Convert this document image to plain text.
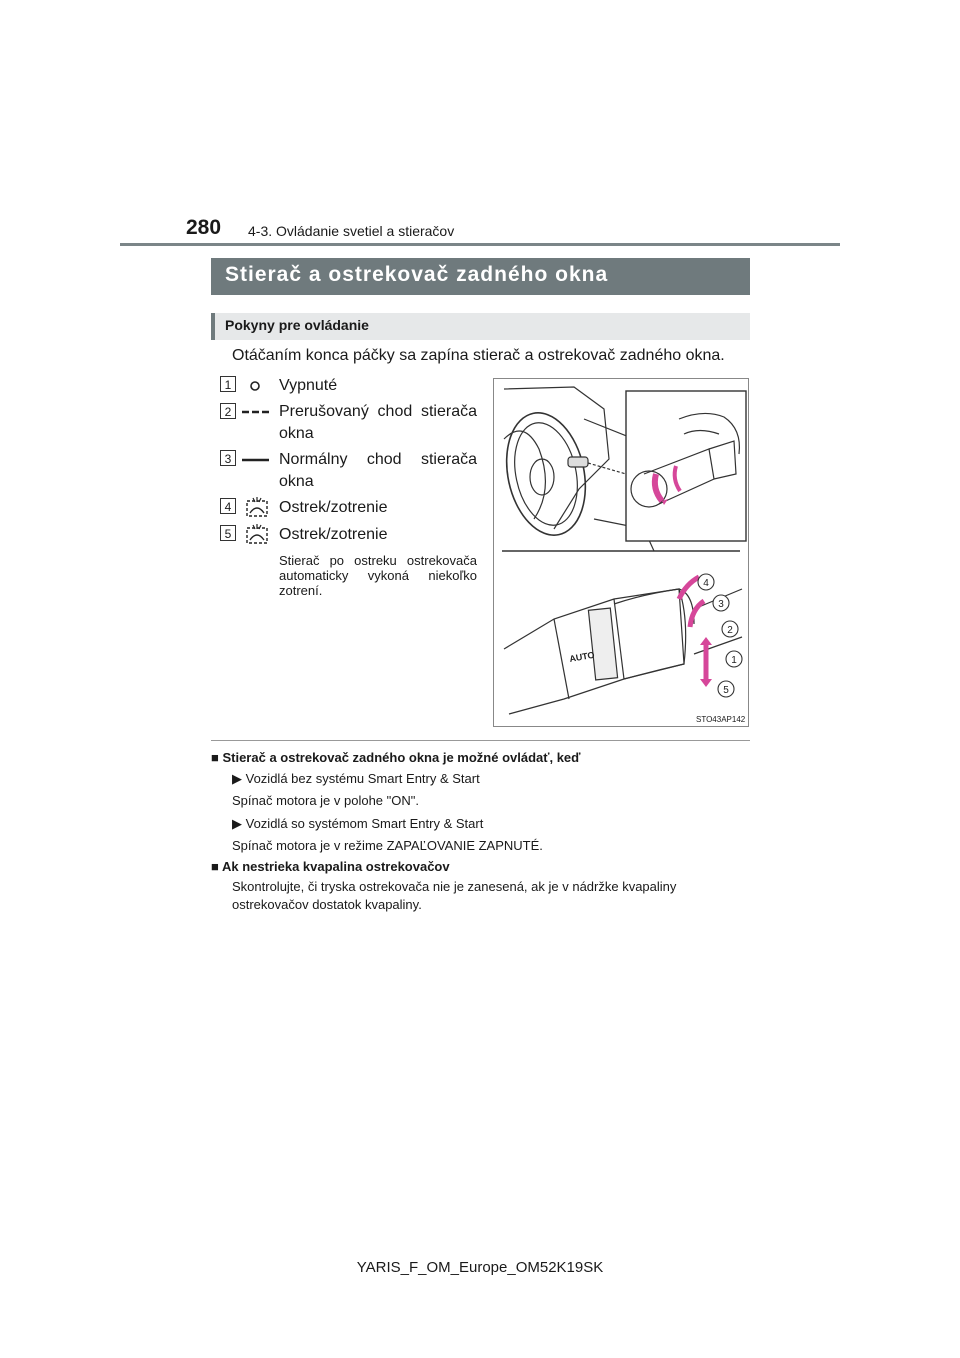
280 4-3. Ovládanie svetiel a stieračov
Stierač a ostrekovač zadného okna
Pokyny pre ovládanie
Otáčaním konca páčky sa zapína stierač a ostrekovač zadného okna.
1	Vypnuté
2	Prerušovaný chod stierača okna
3	Normálny chod stierača okna
4	Ostrek/zotrenie
5	Ostrek/zotrenie
Stierač po ostreku ostrekovača automaticky vykoná niekoľko zotrení.
AUTO
4
3
2
1
5
STO43AP142
■ Stierač a ostrekovač zadného okna je možné ovládať, keď
▶ Vozidlá bez systému Smart Entry & Start
Spínač motora je v polohe "ON".
▶ Vozidlá so systémom Smart Entry & Start
Spínač motora je v režime ZAPAĽOVANIE ZAPNUTÉ.
■ Ak nestrieka kvapalina ostrekovačov
Skontrolujte, či tryska ostrekovača nie je zanesená, ak je v nádržke kvapaliny
ostrekovačov dostatok kvapaliny.
YARIS_F_OM_Europe_OM52K19SK
